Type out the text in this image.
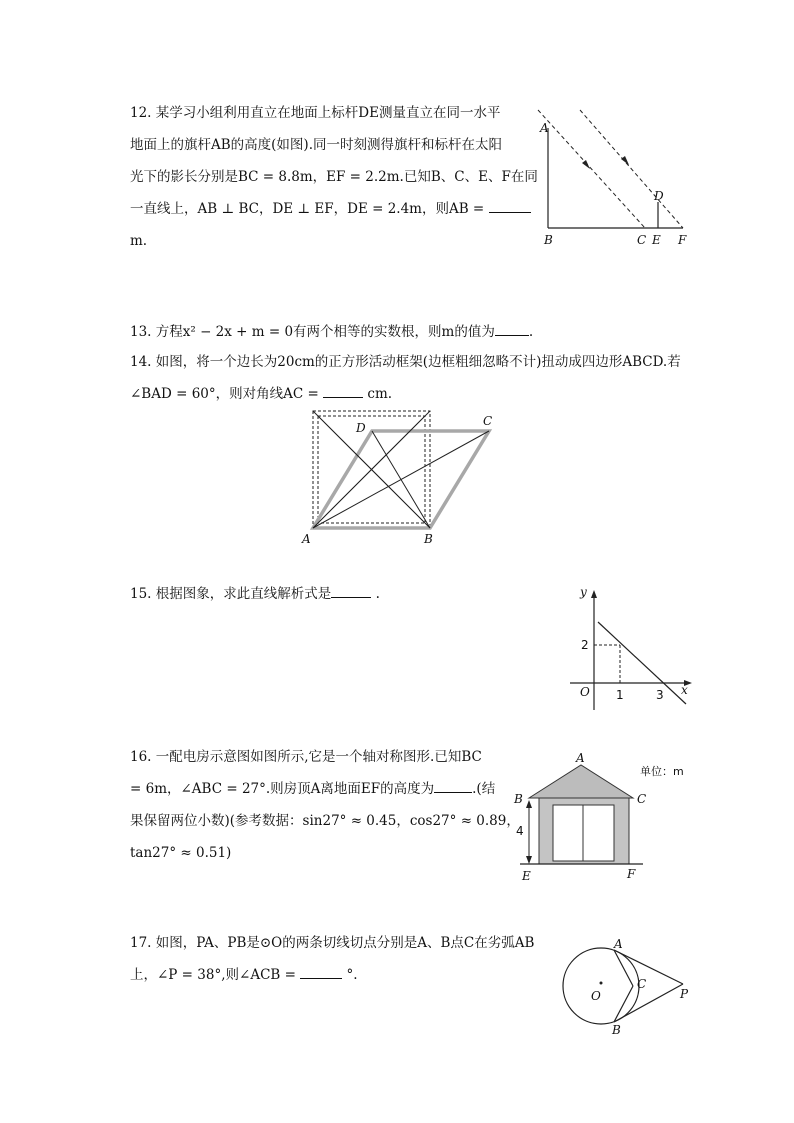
12. 某学习小组利用直立在地面上标杆DE测量直立在同一水平
地面上的旗杆AB的高度(如图).同一时刻测得旗杆和标杆在太阳
光下的影长分别是BC = 8.8m，EF = 2.2m.已知B、C、E、F在同
一直线上，AB ⊥ BC，DE ⊥ EF，DE = 2.4m，则AB =
m.
A
B	C
D
E F
13. 方程x² − 2x + m = 0有两个相等的实数根，则m的值为	.
14. 如图，将一个边长为20cm的正方形活动框架(边框粗细忽略不计)扭动成四边形ABCD.若
∠BAD = 60°，则对角线AC =	cm.
A	B
C
D
15. 根据图象，求此直线解析式是	.	y
x
O
2
1	3
16. 一配电房示意图如图所示,它是一个轴对称图形.已知BC
= 6m，∠ABC = 27°.则房顶A离地面EF的高度为	.(结
果保留两位小数)(参考数据：sin27° ≈ 0.45，cos27° ≈ 0.89，
tan27° ≈ 0.51)
A
B	C
E	F
4
单位：m
17. 如图，PA、PB是⊙O的两条切线切点分别是A、B点C在劣弧AB
上，∠P = 38°,则∠ACB =	°.
A
B
C
O	P
